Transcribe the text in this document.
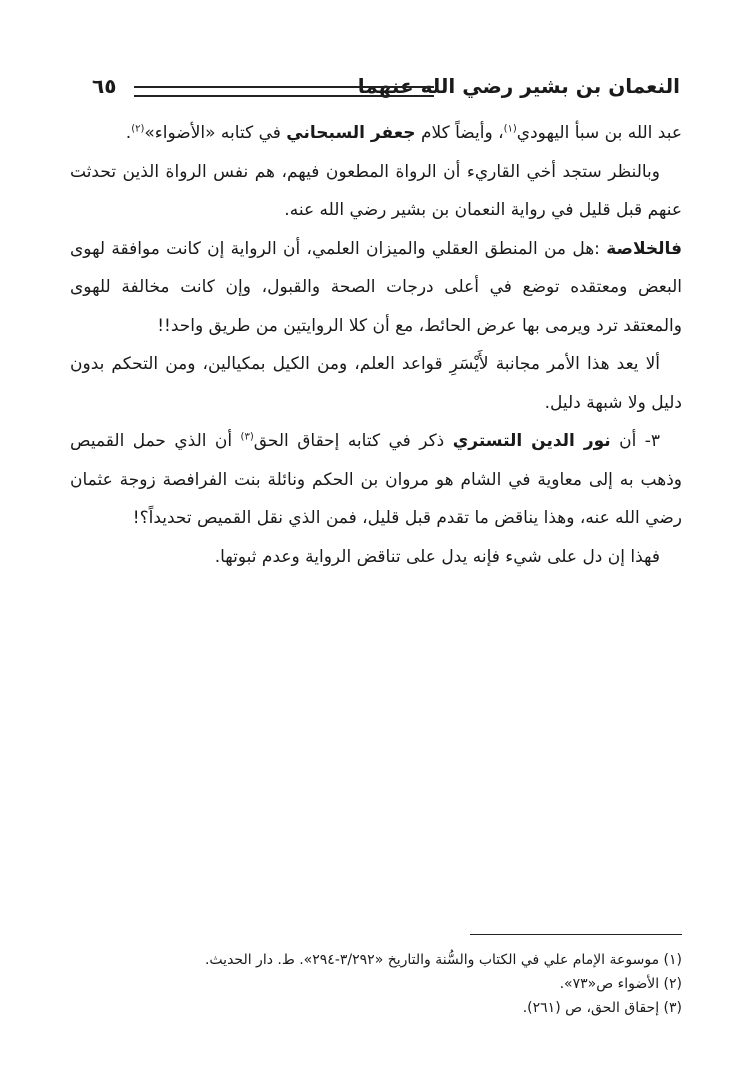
النعمان بن بشير رضي الله عنهما
٦٥

عبد الله بن سبأ اليهودي$^{(١)}$، وأيضاً كلام جعفر السبحاني في كتابه «الأضواء»$^{(٢)}$.

وبالنظر ستجد أخي القاريء أن الرواة المطعون فيهم، هم نفس الرواة الذين تحدثت عنهم قبل قليل في رواية النعمان بن بشير رضي الله عنه.

فالخلاصة :هل من المنطق العقلي والميزان العلمي، أن الرواية إن كانت موافقة لهوى البعض ومعتقده توضع في أعلى درجات الصحة والقبول، وإن كانت مخالفة للهوى والمعتقد ترد ويرمى بها عرض الحائط، مع أن كلا الروايتين من طريق واحد!!

ألا يعد هذا الأمر مجانبة لأَيْسَرِ قواعد العلم، ومن الكيل بمكيالين، ومن التحكم بدون دليل ولا شبهة دليل.

٣- أن نور الدين التستري ذكر في كتابه إحقاق الحق$^{(٣)}$ أن الذي حمل القميص وذهب به إلى معاوية في الشام هو مروان بن الحكم ونائلة بنت الفرافصة زوجة عثمان رضي الله عنه، وهذا يناقض ما تقدم قبل قليل، فمن الذي نقل القميص تحديداً؟!

فهذا إن دل على شيء فإنه يدل على تناقض الرواية وعدم ثبوتها.

(١) موسوعة الإمام علي في الكتاب والسُّنة والتاريخ «٣/٢٩٢-٢٩٤». ط. دار الحديث.
(٢) الأضواء ص«٧٣».
(٣) إحقاق الحق، ص (٢٦١).
